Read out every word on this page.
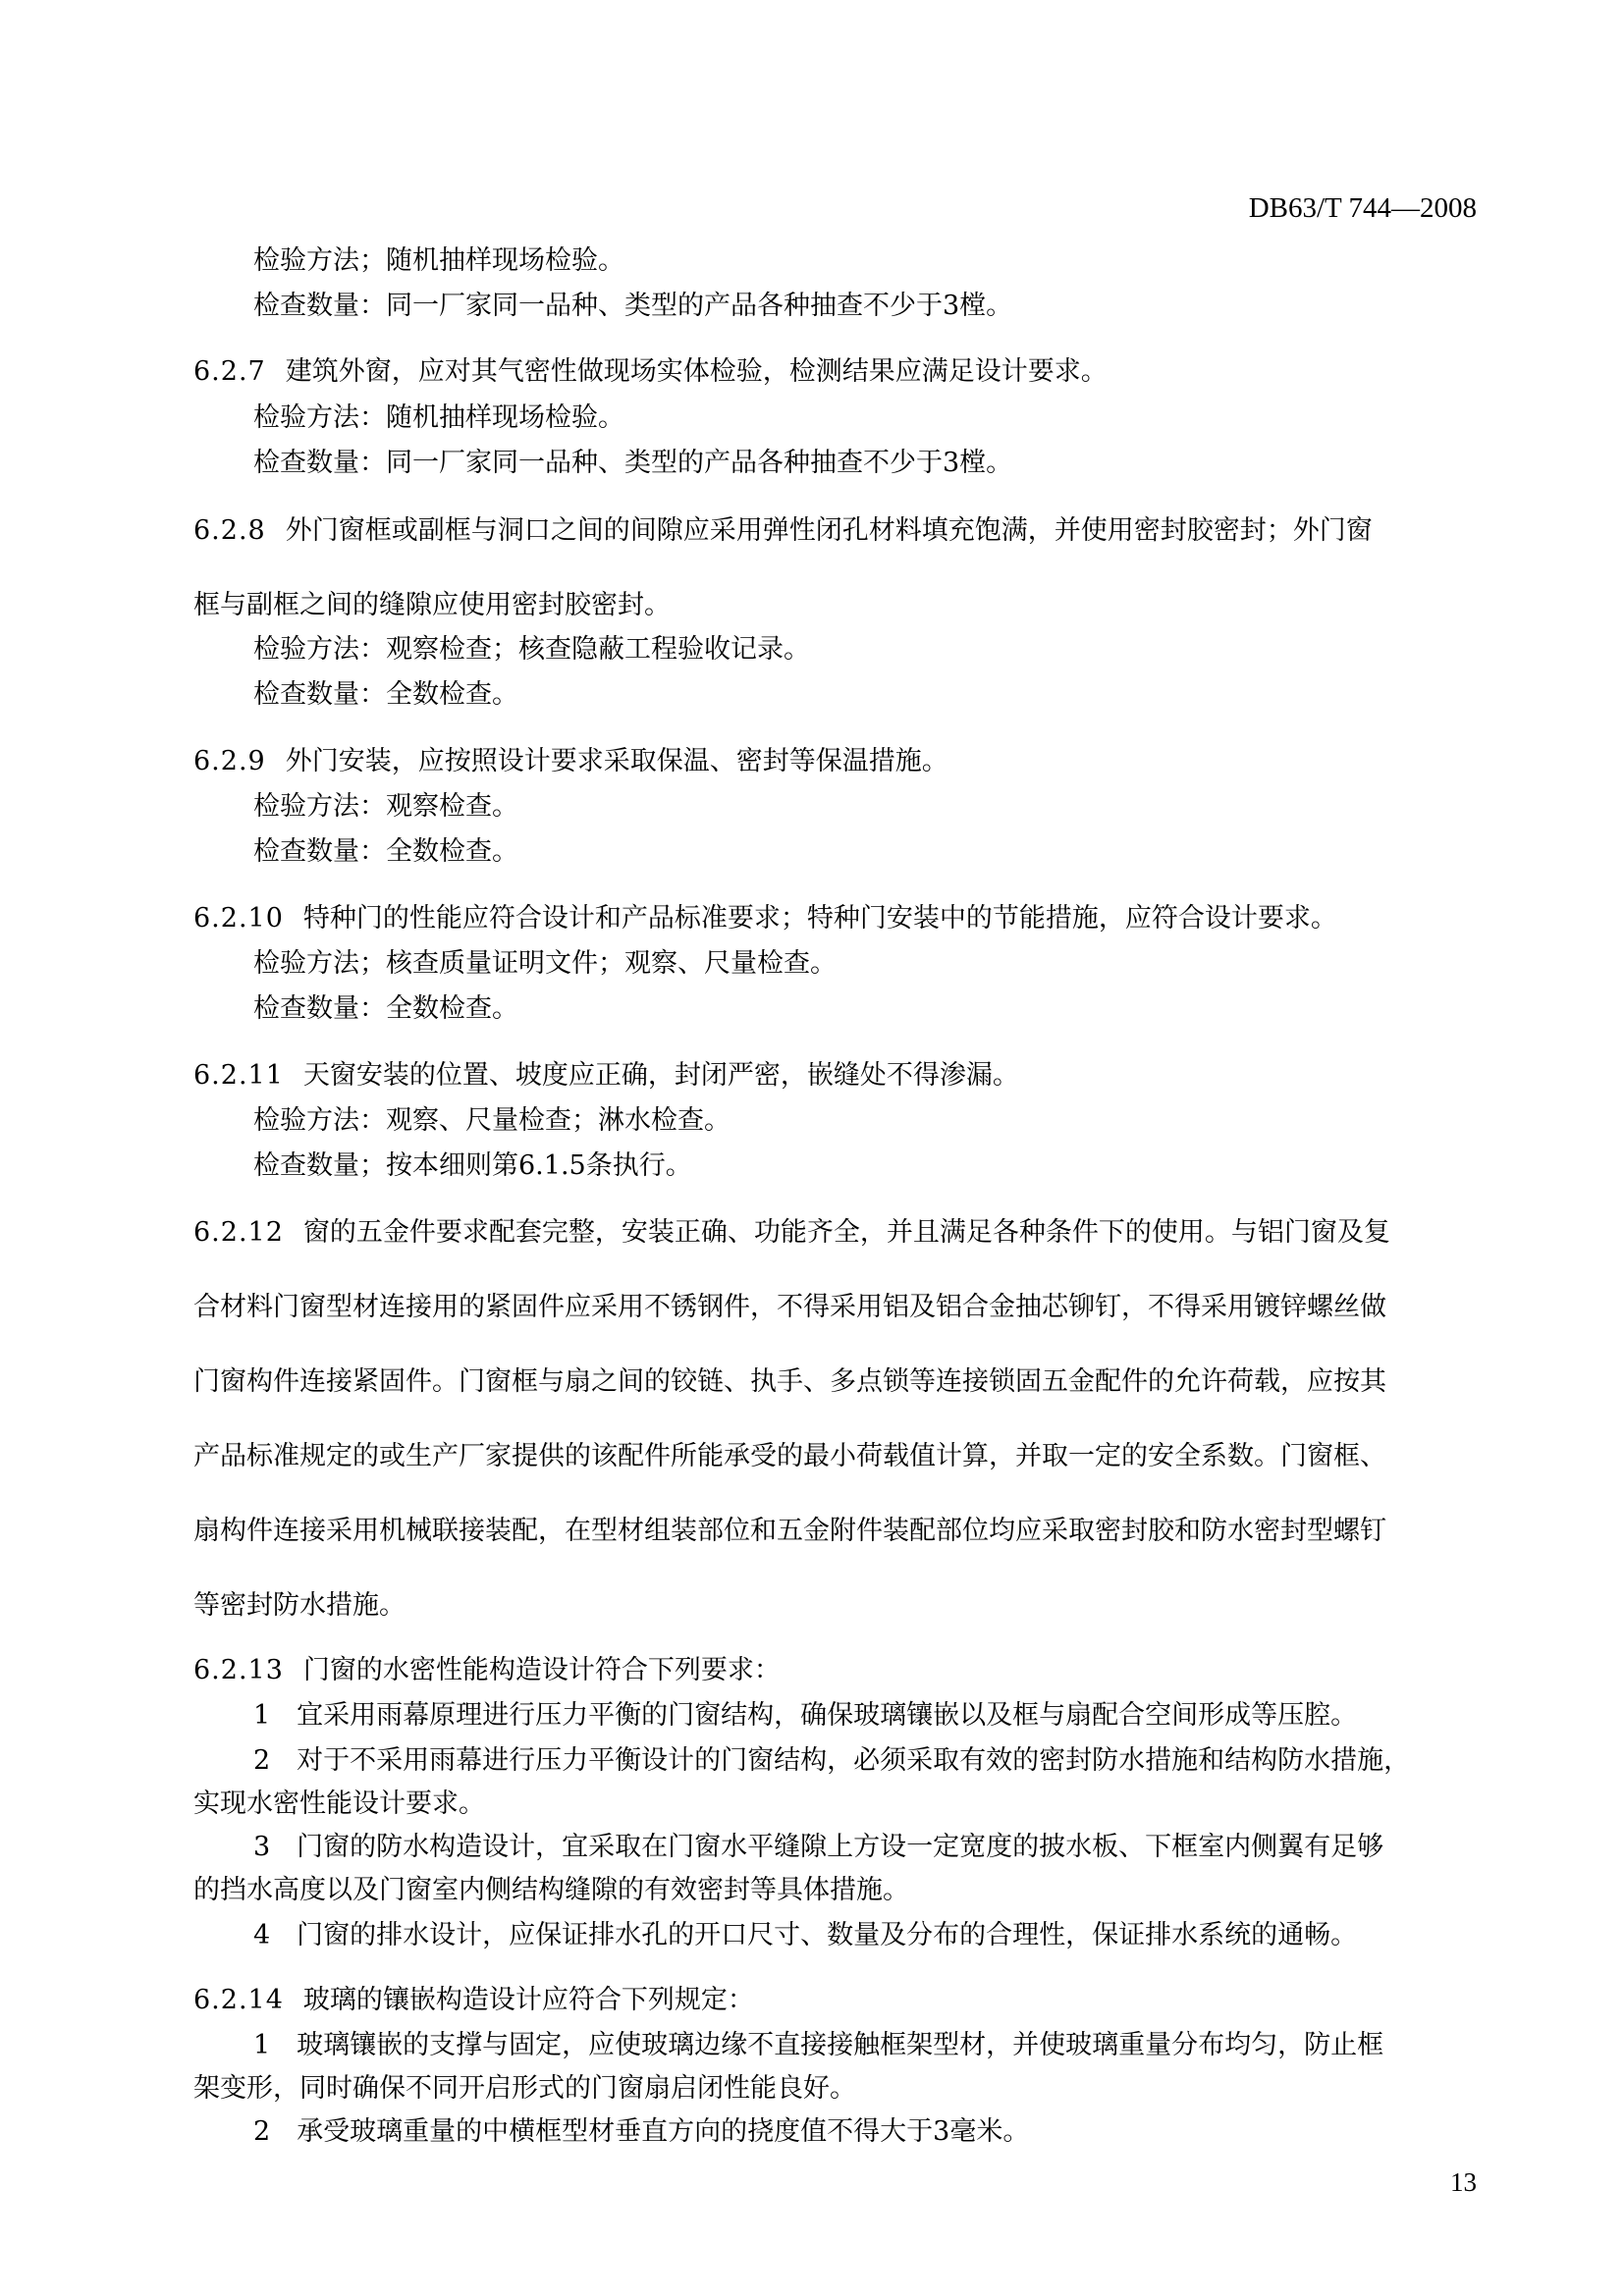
DB63/T 744—2008
检验方法；随机抽样现场检验。
检查数量：同一厂家同一品种、类型的产品各种抽查不少于3樘。
6.2.7 建筑外窗，应对其气密性做现场实体检验，检测结果应满足设计要求。
检验方法：随机抽样现场检验。
检查数量：同一厂家同一品种、类型的产品各种抽查不少于3樘。
6.2.8 外门窗框或副框与洞口之间的间隙应采用弹性闭孔材料填充饱满，并使用密封胶密封；外门窗
框与副框之间的缝隙应使用密封胶密封。
检验方法：观察检查；核查隐蔽工程验收记录。
检查数量：全数检查。
6.2.9 外门安装，应按照设计要求采取保温、密封等保温措施。
检验方法：观察检查。
检查数量：全数检查。
6.2.10 特种门的性能应符合设计和产品标准要求；特种门安装中的节能措施，应符合设计要求。
检验方法；核查质量证明文件；观察、尺量检查。
检查数量：全数检查。
6.2.11 天窗安装的位置、坡度应正确，封闭严密，嵌缝处不得渗漏。
检验方法：观察、尺量检查；淋水检查。
检查数量；按本细则第6.1.5条执行。
6.2.12 窗的五金件要求配套完整，安装正确、功能齐全，并且满足各种条件下的使用。与铝门窗及复
合材料门窗型材连接用的紧固件应采用不锈钢件，不得采用铝及铝合金抽芯铆钉，不得采用镀锌螺丝做
门窗构件连接紧固件。门窗框与扇之间的铰链、执手、多点锁等连接锁固五金配件的允许荷载，应按其
产品标准规定的或生产厂家提供的该配件所能承受的最小荷载值计算，并取一定的安全系数。门窗框、
扇构件连接采用机械联接装配，在型材组装部位和五金附件装配部位均应采取密封胶和防水密封型螺钉
等密封防水措施。
6.2.13 门窗的水密性能构造设计符合下列要求：
1　宜采用雨幕原理进行压力平衡的门窗结构，确保玻璃镶嵌以及框与扇配合空间形成等压腔。
2　对于不采用雨幕进行压力平衡设计的门窗结构，必须采取有效的密封防水措施和结构防水措施，
实现水密性能设计要求。
3　门窗的防水构造设计，宜采取在门窗水平缝隙上方设一定宽度的披水板、下框室内侧翼有足够
的挡水高度以及门窗室内侧结构缝隙的有效密封等具体措施。
4　门窗的排水设计，应保证排水孔的开口尺寸、数量及分布的合理性，保证排水系统的通畅。
6.2.14 玻璃的镶嵌构造设计应符合下列规定：
1　玻璃镶嵌的支撑与固定，应使玻璃边缘不直接接触框架型材，并使玻璃重量分布均匀，防止框
架变形，同时确保不同开启形式的门窗扇启闭性能良好。
2　承受玻璃重量的中横框型材垂直方向的挠度值不得大于3毫米。
13
